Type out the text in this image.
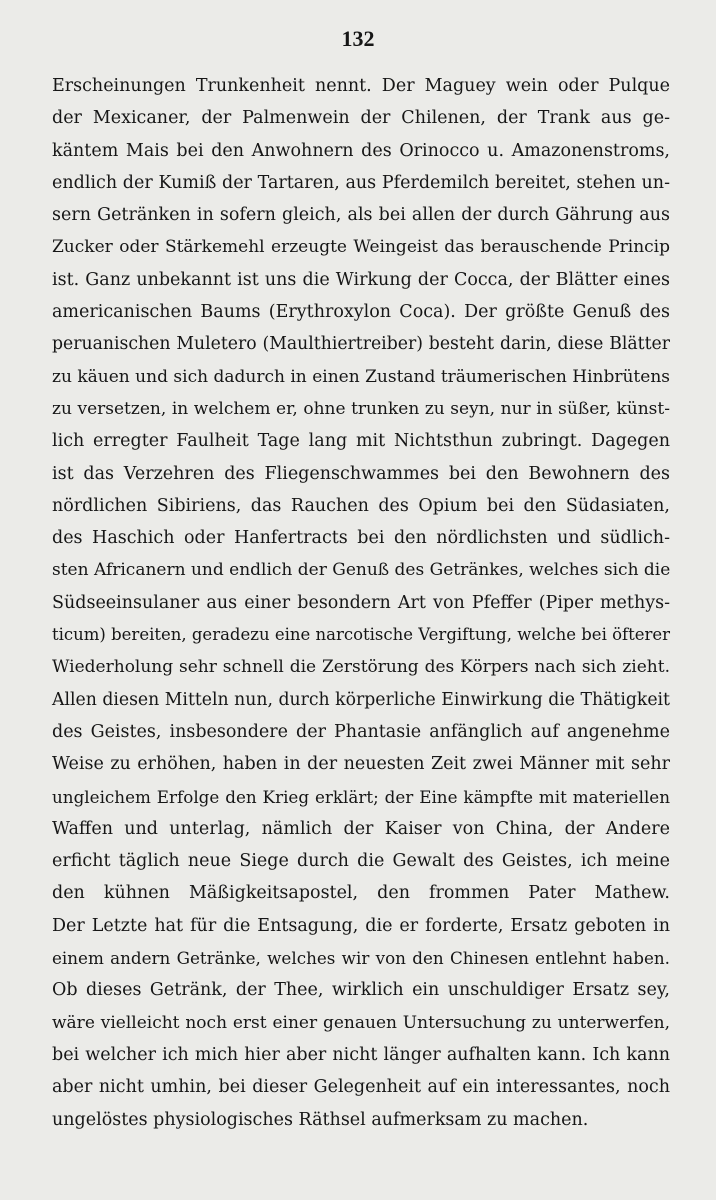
132
Erscheinungen Trunkenheit nennt. Der Maguey wein oder Pulque
der Mexicaner, der Palmenwein der Chilenen, der Trank aus ge-
käntem Mais bei den Anwohnern des Orinocco u. Amazonenstroms,
endlich der Kumiß der Tartaren, aus Pferdemilch bereitet, stehen un-
sern Getränken in sofern gleich, als bei allen der durch Gährung aus
Zucker oder Stärkemehl erzeugte Weingeist das berauschende Princip
ist. Ganz unbekannt ist uns die Wirkung der Cocca, der Blätter eines
americanischen Baums (Erythroxylon Coca). Der größte Genuß des
peruanischen Muletero (Maulthiertreiber) besteht darin, diese Blätter
zu käuen und sich dadurch in einen Zustand träumerischen Hinbrütens
zu versetzen, in welchem er, ohne trunken zu seyn, nur in süßer, künst-
lich erregter Faulheit Tage lang mit Nichtsthun zubringt. Dagegen
ist das Verzehren des Fliegenschwammes bei den Bewohnern des
nördlichen Sibiriens, das Rauchen des Opium bei den Südasiaten,
des Haschich oder Hanfertracts bei den nördlichsten und südlich-
sten Africanern und endlich der Genuß des Getränkes, welches sich die
Südseeinsulaner aus einer besondern Art von Pfeffer (Piper methys-
ticum) bereiten, geradezu eine narcotische Vergiftung, welche bei öfterer
Wiederholung sehr schnell die Zerstörung des Körpers nach sich zieht.
Allen diesen Mitteln nun, durch körperliche Einwirkung die Thätigkeit
des Geistes, insbesondere der Phantasie anfänglich auf angenehme
Weise zu erhöhen, haben in der neuesten Zeit zwei Männer mit sehr
ungleichem Erfolge den Krieg erklärt; der Eine kämpfte mit materiellen
Waffen und unterlag, nämlich der Kaiser von China, der Andere
erficht täglich neue Siege durch die Gewalt des Geistes, ich meine
den kühnen Mäßigkeitsapostel, den frommen Pater Mathew.
Der Letzte hat für die Entsagung, die er forderte, Ersatz geboten in
einem andern Getränke, welches wir von den Chinesen entlehnt haben.
Ob dieses Getränk, der Thee, wirklich ein unschuldiger Ersatz sey,
wäre vielleicht noch erst einer genauen Untersuchung zu unterwerfen,
bei welcher ich mich hier aber nicht länger aufhalten kann. Ich kann
aber nicht umhin, bei dieser Gelegenheit auf ein interessantes, noch
ungelöstes physiologisches Räthsel aufmerksam zu machen.
